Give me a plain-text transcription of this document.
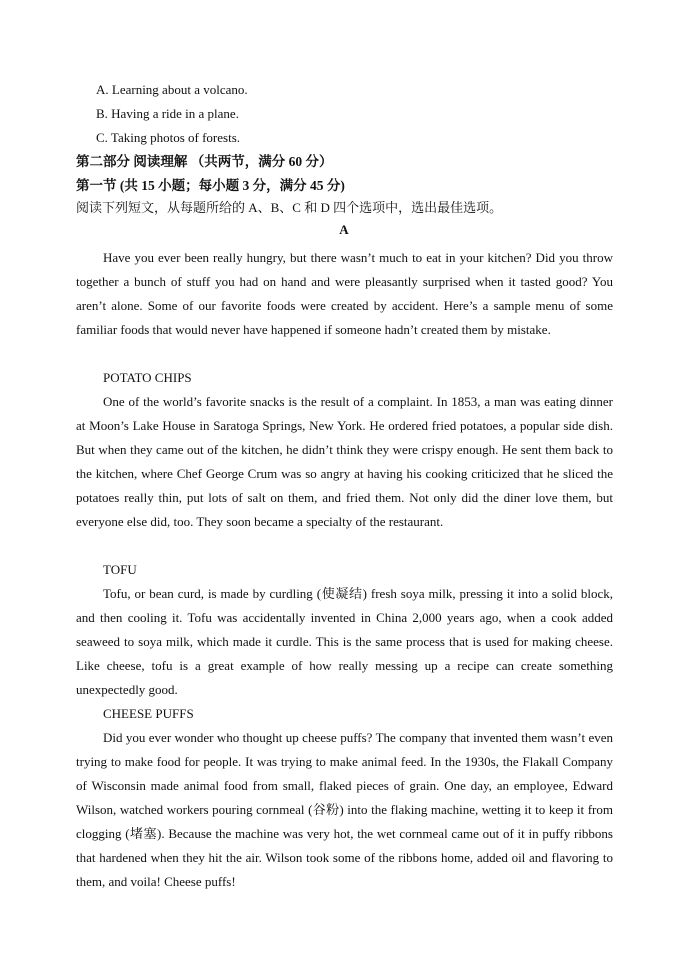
A. Learning about a volcano.
B. Having a ride in a plane.
C. Taking photos of forests.
第二部分 阅读理解 （共两节，满分 60 分）
第一节 (共 15 小题；每小题 3 分，满分 45 分)
阅读下列短文，从每题所给的 A、B、C 和 D 四个选项中，选出最佳选项。
A
Have you ever been really hungry, but there wasn’t much to eat in your kitchen? Did you throw together a bunch of stuff you had on hand and were pleasantly surprised when it tasted good? You aren’t alone. Some of our favorite foods were created by accident. Here’s a sample menu of some familiar foods that would never have happened if someone hadn’t created them by mistake.
POTATO CHIPS
One of the world’s favorite snacks is the result of a complaint. In 1853, a man was eating dinner at Moon’s Lake House in Saratoga Springs, New York. He ordered fried potatoes, a popular side dish. But when they came out of the kitchen, he didn’t think they were crispy enough. He sent them back to the kitchen, where Chef George Crum was so angry at having his cooking criticized that he sliced the potatoes really thin, put lots of salt on them, and fried them. Not only did the diner love them, but everyone else did, too. They soon became a specialty of the restaurant.
TOFU
Tofu, or bean curd, is made by curdling (使凝结) fresh soya milk, pressing it into a solid block, and then cooling it. Tofu was accidentally invented in China 2,000 years ago, when a cook added seaweed to soya milk, which made it curdle. This is the same process that is used for making cheese. Like cheese, tofu is a great example of how really messing up a recipe can create something unexpectedly good.
CHEESE PUFFS
Did you ever wonder who thought up cheese puffs? The company that invented them wasn’t even trying to make food for people. It was trying to make animal feed. In the 1930s, the Flakall Company of Wisconsin made animal food from small, flaked pieces of grain. One day, an employee, Edward Wilson, watched workers pouring cornmeal (谷粉) into the flaking machine, wetting it to keep it from clogging (堵塞). Because the machine was very hot, the wet cornmeal came out of it in puffy ribbons that hardened when they hit the air. Wilson took some of the ribbons home, added oil and flavoring to them, and voila! Cheese puffs!
